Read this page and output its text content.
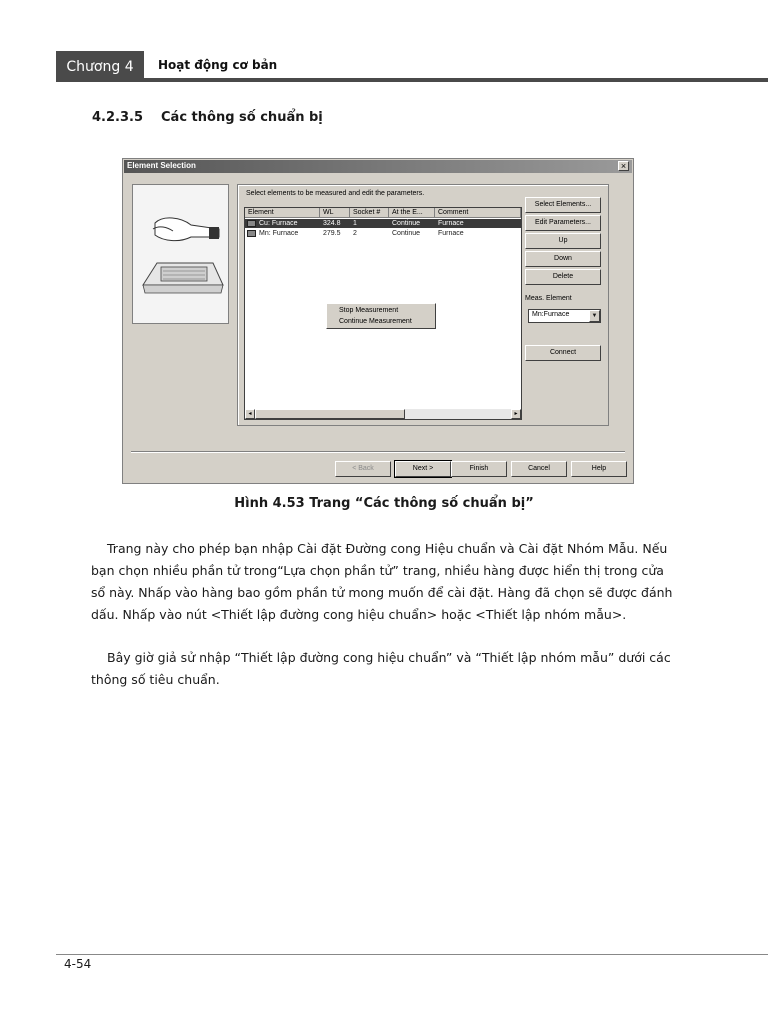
Chương 4	Hoạt động cơ bản
4.2.3.5 Các thông số chuẩn bị
Element Selection	×
Select elements to be measured and edit the parameters.
Element	WL	Socket #	At the E...	Comment
Cu: Furnace	324.8 1	Continue	Furnace
Mn: Furnace	279.5 2	Continue	Furnace
Stop Measurement
Continue Measurement
◂	▸
Select Elements...
Edit Parameters...
Up
Down
Delete
Meas. Element
Mn:Furnace	▼
Connect
< Back	Next >	Finish	Cancel	Help
Hình 4.53 Trang “Các thông số chuẩn bị”
Trang này cho phép bạn nhập Cài đặt Đường cong Hiệu chuẩn và Cài đặt Nhóm Mẫu. Nếu
bạn chọn nhiều phần tử trong“Lựa chọn phần tử” trang, nhiều hàng được hiển thị trong cửa
sổ này. Nhấp vào hàng bao gồm phần tử mong muốn để cài đặt. Hàng đã chọn sẽ được đánh
dấu. Nhấp vào nút <Thiết lập đường cong hiệu chuẩn> hoặc <Thiết lập nhóm mẫu>.
Bây giờ giả sử nhập “Thiết lập đường cong hiệu chuẩn” và “Thiết lập nhóm mẫu” dưới các
thông số tiêu chuẩn.
4-54
